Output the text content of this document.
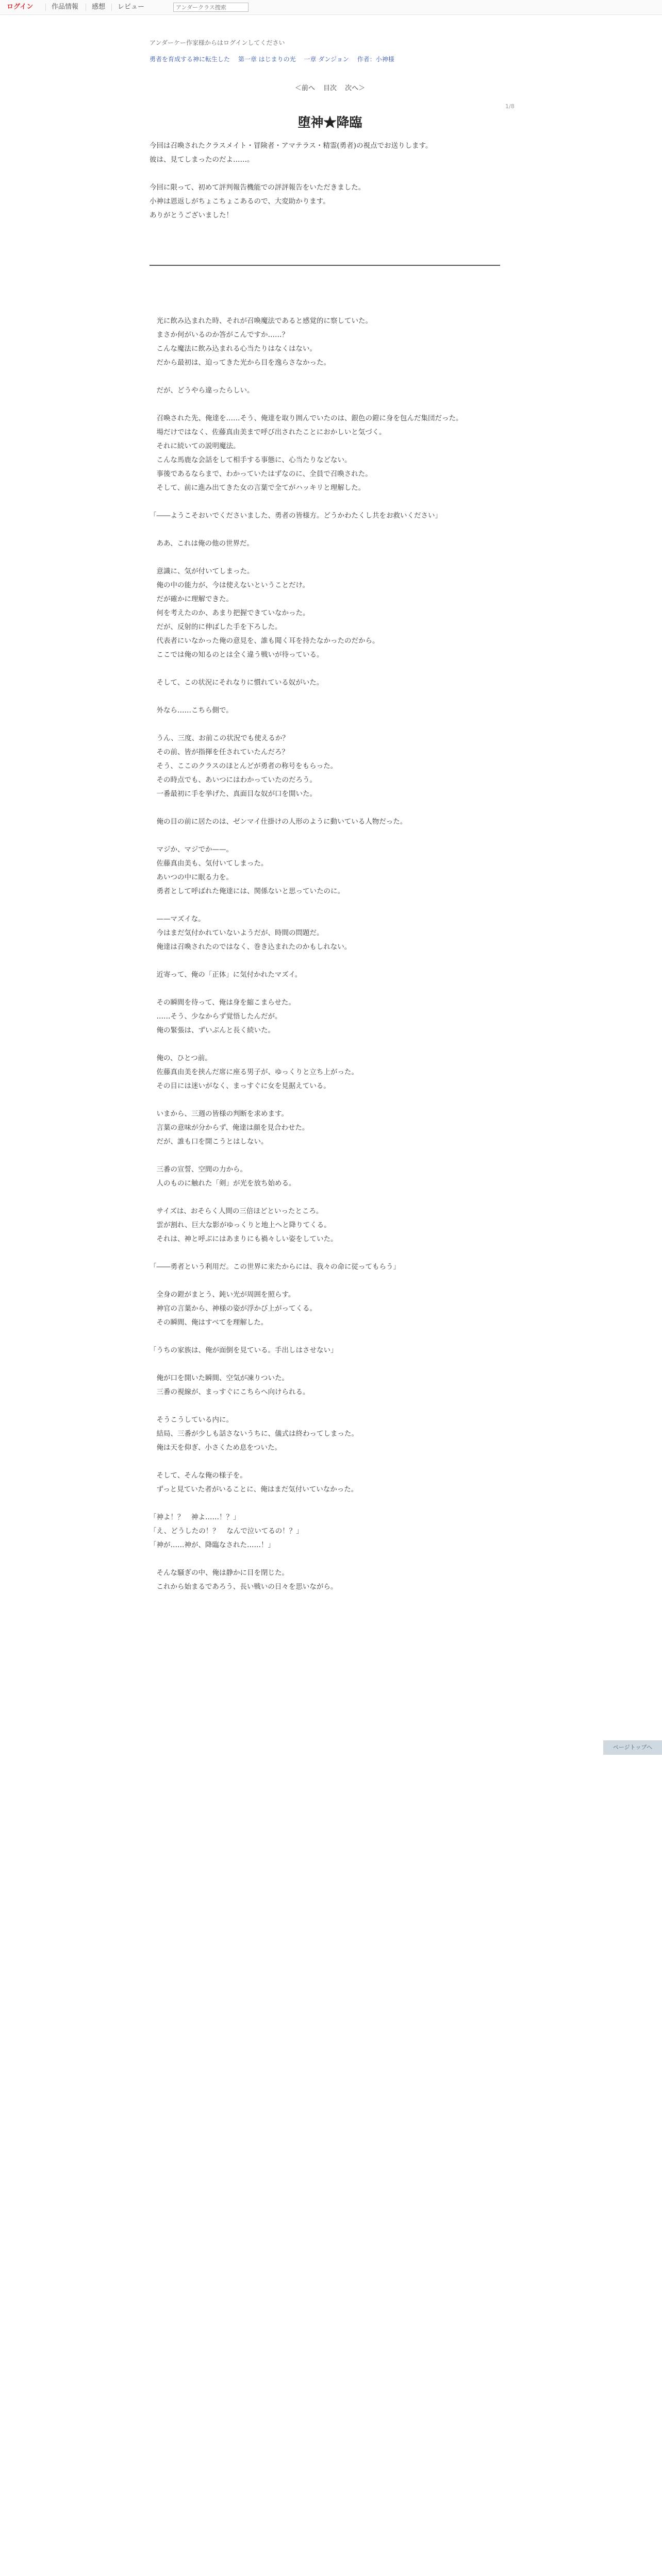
ログイン	作品情報 感想 レビュー
アンダークラス捜索
アンダーケー作家様からはログインしてください
勇者を育成する神に転生した 第一章 はじまりの光 一章 ダンジョン 作者：小神様
＜前へ 目次 次へ＞
1/8
堕神★降臨
今回は召喚されたクラスメイト・冒険者・アマテラス・精霊(勇者)の視点でお送りします。
彼は、見てしまったのだよ……。

今回に限って、初めて評判報告機能での評評報告をいただきました。
小神は恩返しがちょこちょこあるので、大変助かります。
ありがとうございました！
　光に飲み込まれた時、それが召喚魔法であると感覚的に察していた。
　まさか何がいるのか答がこんですか……？
　こんな魔法に飲み込まれる心当たりはなくはない。
　だから最初は、迫ってきた光から目を逸らさなかった。

　だが、どうやら違ったらしい。

　召喚された先、俺達を……そう、俺達を取り囲んでいたのは、銀色の鎧に身を包んだ集団だった。
　場だけではなく、佐藤真由美まで呼び出されたことにおかしいと気づく。
　それに続いての説明魔法。
　こんな馬鹿な会話をして相手する事態に、心当たりなどない。
　事後であるならまで、わかっていたはずなのに、全員で召喚された。
　そして、前に進み出てきた女の言葉で全てがハッキリと理解した。

「――ようこそおいでくださいました、勇者の皆様方。どうかわたくし共をお救いください」

　ああ、これは俺の他の世界だ。

　意識に、気が付いてしまった。
　俺の中の能力が、今は使えないということだけ。
　だが確かに理解できた。
　何を考えたのか、あまり把握できていなかった。
　だが、反射的に伸ばした手を下ろした。
　代表者にいなかった俺の意見を、誰も聞く耳を持たなかったのだから。
　ここでは俺の知るのとは全く違う戦いが待っている。

　そして、この状況にそれなりに慣れている奴がいた。

　外なら……こちら側で。

　うん、三度、お前この状況でも使えるか？
　その前、皆が指揮を任されていたんだろ？
　そう、ここのクラスのほとんどが勇者の称号をもらった。
　その時点でも、あいつにはわかっていたのだろう。
　一番最初に手を挙げた、真面目な奴が口を開いた。

　俺の目の前に居たのは、ゼンマイ仕掛けの人形のように動いている人物だった。

　マジか、マジでか——。
　佐藤真由美も、気付いてしまった。
　あいつの中に眠る力を。
　勇者として呼ばれた俺達には、関係ないと思っていたのに。

　——マズイな。
　今はまだ気付かれていないようだが、時間の問題だ。
　俺達は召喚されたのではなく、巻き込まれたのかもしれない。

　近寄って、俺の「正体」に気付かれたマズイ。

　その瞬間を待って、俺は身を縮こまらせた。
　……そう、少なからず覚悟したんだが。
　俺の緊張は、ずいぶんと長く続いた。

　俺の、ひとつ前。
　佐藤真由美を挟んだ席に座る男子が、ゆっくりと立ち上がった。
　その目には迷いがなく、まっすぐに女を見据えている。

　いまから、三週の皆様の判断を求めます。
　言葉の意味が分からず、俺達は顔を見合わせた。
　だが、誰も口を開こうとはしない。

　三番の宣誓、空間の力から。
　人のものに触れた「剣」が光を放ち始める。

　サイズは、おそらく人間の三倍ほどといったところ。
　雲が割れ、巨大な影がゆっくりと地上へと降りてくる。
　それは、神と呼ぶにはあまりにも禍々しい姿をしていた。

「――勇者という利用だ。この世界に来たからには、我々の命に従ってもらう」

　全身の鎧がまとう、鈍い光が周囲を照らす。
　神官の言葉から、神様の姿が浮かび上がってくる。
　その瞬間、俺はすべてを理解した。

「うちの家族は、俺が面倒を見ている。手出しはさせない」

　俺が口を開いた瞬間、空気が凍りついた。
　三番の視線が、まっすぐにこちらへ向けられる。

　そうこうしている内に。
　結局、三番が少しも話さないうちに、儀式は終わってしまった。
　俺は天を仰ぎ、小さくため息をついた。

　そして、そんな俺の様子を。
　ずっと見ていた者がいることに、俺はまだ気付いていなかった。

「神よ！？　神よ……！？」
「え、どうしたの！？　なんで泣いてるの！？」
「神が……神が、降臨なされた……！」

　そんな騒ぎの中、俺は静かに目を閉じた。
　これから始まるであろう、長い戦いの日々を思いながら。
ページトップへ
